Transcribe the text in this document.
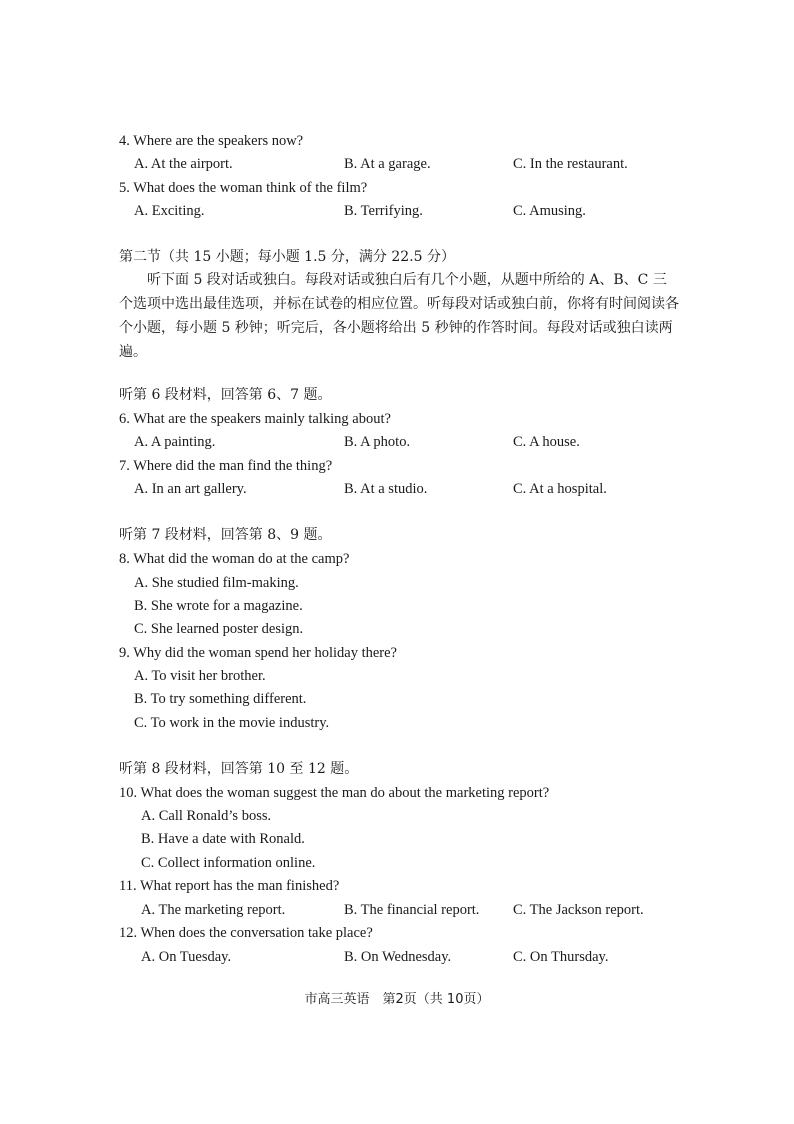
4. Where are the speakers now?
A. At the airport.	B. At a garage.	C. In the restaurant.
5. What does the woman think of the film?
A. Exciting.	B. Terrifying.	C. Amusing.
第二节（共 15 小题；每小题 1.5 分，满分 22.5 分）
听下面 5 段对话或独白。每段对话或独白后有几个小题，从题中所给的 A、B、C 三个选项中选出最佳选项，并标在试卷的相应位置。听每段对话或独白前，你将有时间阅读各个小题，每小题 5 秒钟；听完后，各小题将给出 5 秒钟的作答时间。每段对话或独白读两遍。
听第 6 段材料，回答第 6、7 题。
6. What are the speakers mainly talking about?
A. A painting.	B. A photo.	C. A house.
7. Where did the man find the thing?
A. In an art gallery.	B. At a studio.	C. At a hospital.
听第 7 段材料，回答第 8、9 题。
8. What did the woman do at the camp?
A. She studied film-making.
B. She wrote for a magazine.
C. She learned poster design.
9. Why did the woman spend her holiday there?
A. To visit her brother.
B. To try something different.
C. To work in the movie industry.
听第 8 段材料，回答第 10 至 12 题。
10. What does the woman suggest the man do about the marketing report?
A. Call Ronald’s boss.
B. Have a date with Ronald.
C. Collect information online.
11. What report has the man finished?
A. The marketing report.	B. The financial report. C. The Jackson report.
12. When does the conversation take place?
A. On Tuesday.	B. On Wednesday.	C. On Thursday.
市高三英语　第2页（共 10页）
